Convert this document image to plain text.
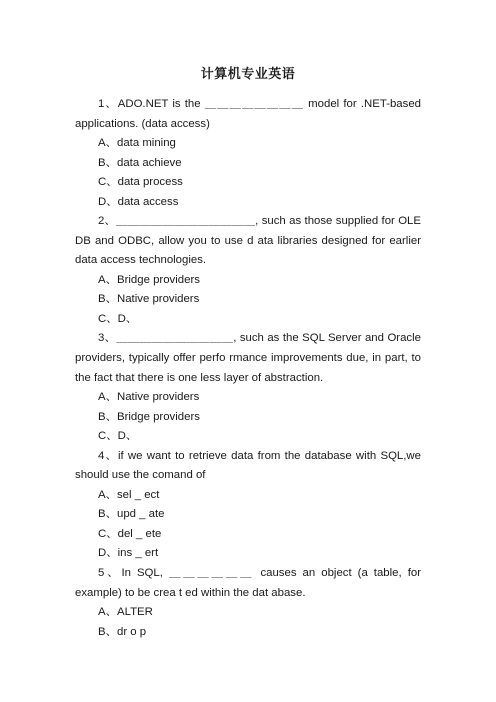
计算机专业英语

1、ADO.NET is the ＿＿＿＿＿＿＿＿ model for .NET-based applications. (data access)

A、data mining

B、data achieve

C、data process

D、data access

2、＿＿＿＿＿＿＿＿＿＿＿＿, such as those supplied for OLE DB and ODBC, allow you to use d ata libraries designed for earlier data access technologies.

A、Bridge providers

B、Native providers

C、D、

3、＿＿＿＿＿＿＿＿＿＿, such as the SQL Server and Oracle providers, typically offer perfo rmance improvements due, in part, to the fact that there is one less layer of abstraction.

A、Native providers

B、Bridge providers

C、D、

4、if we want to retrieve data from the database with SQL,we should use the comand of

A、sel _ ect

B、upd _ ate

C、del _ ete

D、ins _ ert

5、In SQL, ＿＿＿＿＿＿ causes an object (a table, for example) to be crea t ed within the dat abase.

A、ALTER

B、dr o p
